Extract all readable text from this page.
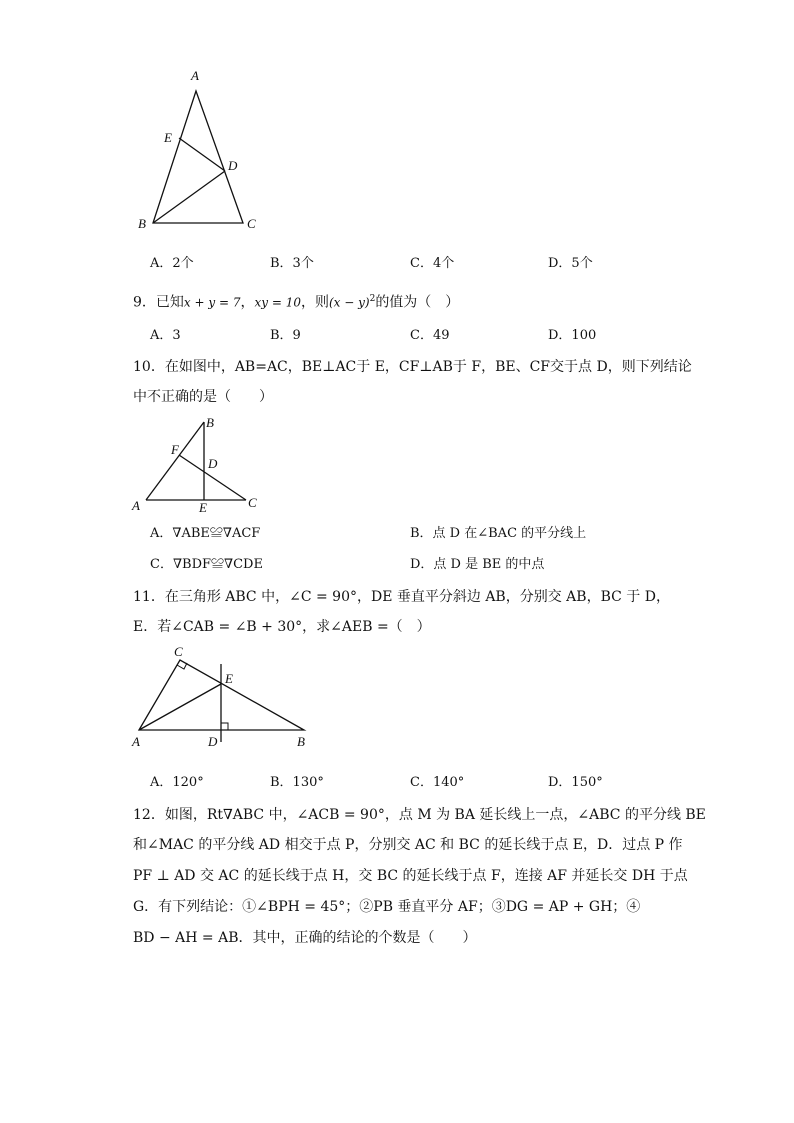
A
E
D
B	C
A．2个	B．3个	C．4个	D．5个
9．已知x + y = 7，xy = 10，则$(x - y)^2$的值为（　）
A．3	B．9	C．49	D．100
10．在如图中，AB=AC，BE⊥AC于 E，CF⊥AB于 F，BE、CF交于点 D，则下列结论
中不正确的是（　　）
B
F
D
A	E	C
A．∇ABE≌∇ACF	B．点 D 在∠BAC 的平分线上
C．∇BDF≌∇CDE	D．点 D 是 BE 的中点
11．在三角形 ABC 中，∠C = 90°，DE 垂直平分斜边 AB，分别交 AB，BC 于 D，
E．若∠CAB = ∠B + 30°，求∠AEB =（　）
C
E
A	D	B
A．120°	B．130°	C．140°	D．150°
12．如图，Rt∇ABC 中，∠ACB = 90°，点 M 为 BA 延长线上一点，∠ABC 的平分线 BE
和∠MAC 的平分线 AD 相交于点 P，分别交 AC 和 BC 的延长线于点 E，D．过点 P 作
PF ⊥ AD 交 AC 的延长线于点 H，交 BC 的延长线于点 F，连接 AF 并延长交 DH 于点
G．有下列结论：①∠BPH = 45°；②PB 垂直平分 AF；③DG = AP + GH；④
BD − AH = AB．其中，正确的结论的个数是（　　）
